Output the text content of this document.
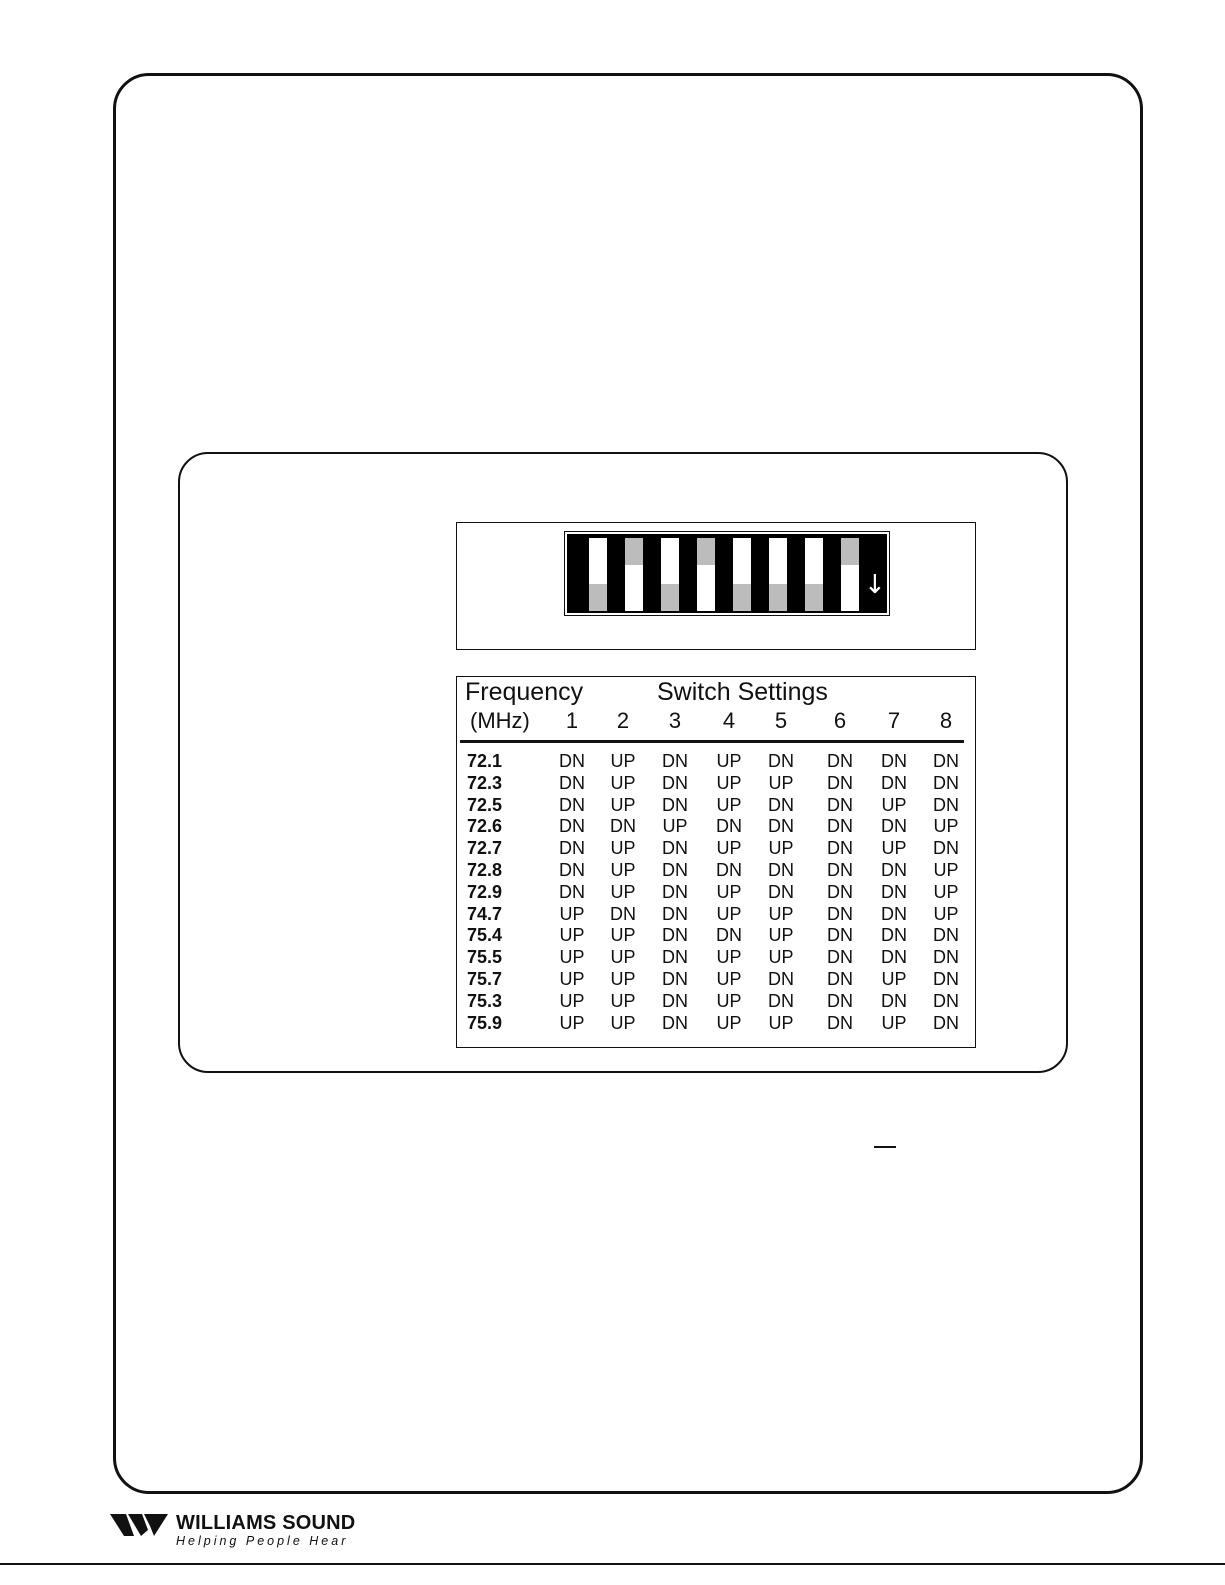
↓
Frequency	Switch Settings
(MHz)	1	2	3	4	5	6	7	8
72.1	DN	UP	DN	UP	DN	DN	DN	DN
72.3	DN	UP	DN	UP	UP	DN	DN	DN
72.5	DN	UP	DN	UP	DN	DN	UP	DN
72.6	DN	DN	UP	DN	DN	DN	DN	UP
72.7	DN	UP	DN	UP	UP	DN	UP	DN
72.8	DN	UP	DN	DN	DN	DN	DN	UP
72.9	DN	UP	DN	UP	DN	DN	DN	UP
74.7	UP	DN	DN	UP	UP	DN	DN	UP
75.4	UP	UP	DN	DN	UP	DN	DN	DN
75.5	UP	UP	DN	UP	UP	DN	DN	DN
75.7	UP	UP	DN	UP	DN	DN	UP	DN
75.3	UP	UP	DN	UP	DN	DN	DN	DN
75.9	UP	UP	DN	UP	UP	DN	UP	DN
WILLIAMS SOUND
Helping People Hear
